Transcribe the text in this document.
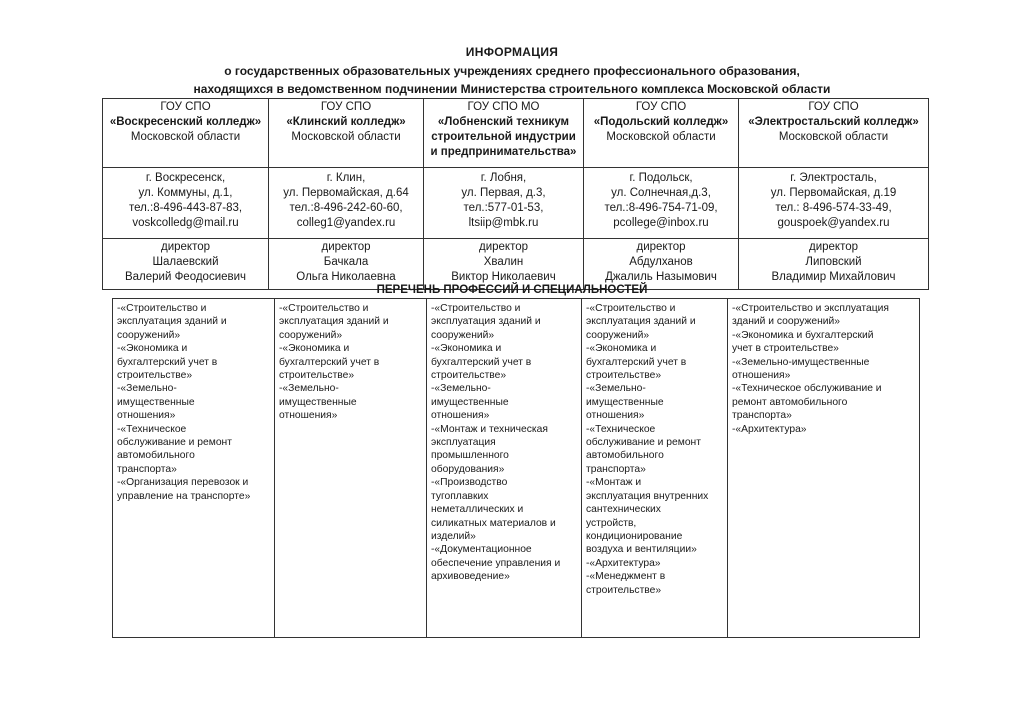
ИНФОРМАЦИЯ
о государственных образовательных учреждениях среднего профессионального образования,
находящихся в ведомственном подчинении Министерства строительного комплекса Московской области
ГОУ СПО
«Воскресенский колледж»
Московской области	ГОУ СПО
«Клинский колледж»
Московской области	ГОУ СПО МО
«Лобненский техникум
строительной индустрии
и предпринимательства»	ГОУ СПО
«Подольский колледж»
Московской области	ГОУ СПО
«Электростальский колледж»
Московской области

г. Воскресенск,
ул. Коммуны, д.1,
тел.:8-496-443-87-83,
voskcolledg@mail.ru	г. Клин,
ул. Первомайская, д.64
тел.:8-496-242-60-60,
colleg1@yandex.ru	г. Лобня,
ул. Первая, д.3,
тел.:577-01-53,
ltsiip@mbk.ru	г. Подольск,
ул. Солнечная,д.3,
тел.:8-496-754-71-09,
pcollege@inbox.ru	г. Электросталь,
ул. Первомайская, д.19
тел.: 8-496-574-33-49,
gouspoek@yandex.ru

директор
Шалаевский
Валерий Феодосиевич	директор
Бачкала
Ольга Николаевна	директор
Хвалин
Виктор Николаевич	директор
Абдулханов
Джалиль Назымович	директор
Липовский
Владимир Михайлович
ПЕРЕЧЕНЬ ПРОФЕССИЙ И СПЕЦИАЛЬНОСТЕЙ
-«Строительство и
эксплуатация зданий и
сооружений»
-«Экономика и
бухгалтерский учет в
строительстве»
-«Земельно-
имущественные
отношения»
-«Техническое
обслуживание и ремонт
автомобильного
транспорта»
-«Организация перевозок и
управление на транспорте»

-«Строительство и
эксплуатация зданий и
сооружений»
-«Экономика и
бухгалтерский учет в
строительстве»
-«Земельно-
имущественные
отношения»

-«Строительство и
эксплуатация зданий и
сооружений»
-«Экономика и
бухгалтерский учет в
строительстве»
-«Земельно-
имущественные
отношения»
-«Монтаж и техническая
эксплуатация
промышленного
оборудования»
-«Производство
тугоплавких
неметаллических и
силикатных материалов и
изделий»
-«Документационное
обеспечение управления и
архивоведение»

-«Строительство и
эксплуатация зданий и
сооружений»
-«Экономика и
бухгалтерский учет в
строительстве»
-«Земельно-
имущественные
отношения»
-«Техническое
обслуживание и ремонт
автомобильного
транспорта»
-«Монтаж и
эксплуатация внутренних
сантехнических
устройств,
кондиционирование
воздуха и вентиляции»
-«Архитектура»
-«Менеджмент в
строительстве»

-«Строительство и эксплуатация
зданий и сооружений»
-«Экономика и бухгалтерский
учет в строительстве»
-«Земельно-имущественные
отношения»
-«Техническое обслуживание и
ремонт автомобильного
транспорта»
-«Архитектура»
